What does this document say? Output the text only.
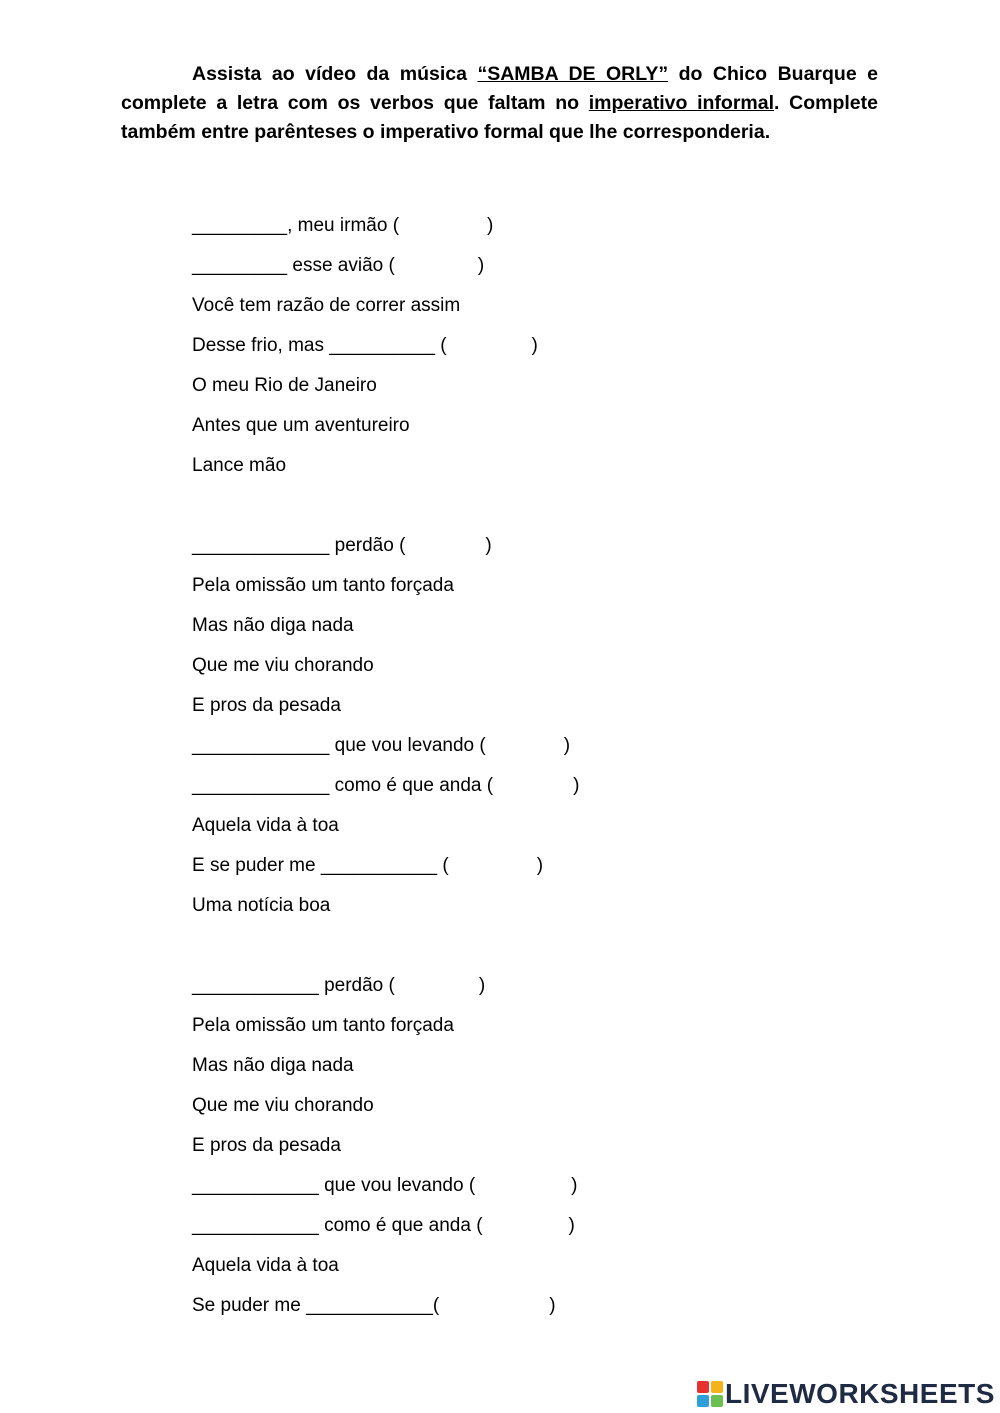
Assista ao vídeo da música “SAMBA DE ORLY” do Chico Buarque e complete a letra com os verbos que faltam no imperativo informal. Complete também entre parênteses o imperativo formal que lhe corresponderia.
_________, meu irmão (	)
_________ esse avião (	)
Você tem razão de correr assim
Desse frio, mas __________ (	)
O meu Rio de Janeiro
Antes que um aventureiro
Lance mão
_____________ perdão (	)
Pela omissão um tanto forçada
Mas não diga nada
Que me viu chorando
E pros da pesada
_____________ que vou levando (	)
_____________ como é que anda (	)
Aquela vida à toa
E se puder me ___________ (	)
Uma notícia boa
____________ perdão (	)
Pela omissão um tanto forçada
Mas não diga nada
Que me viu chorando
E pros da pesada
____________ que vou levando (	)
____________ como é que anda (	)
Aquela vida à toa
Se puder me ____________(	)
LIVEWORKSHEETS
